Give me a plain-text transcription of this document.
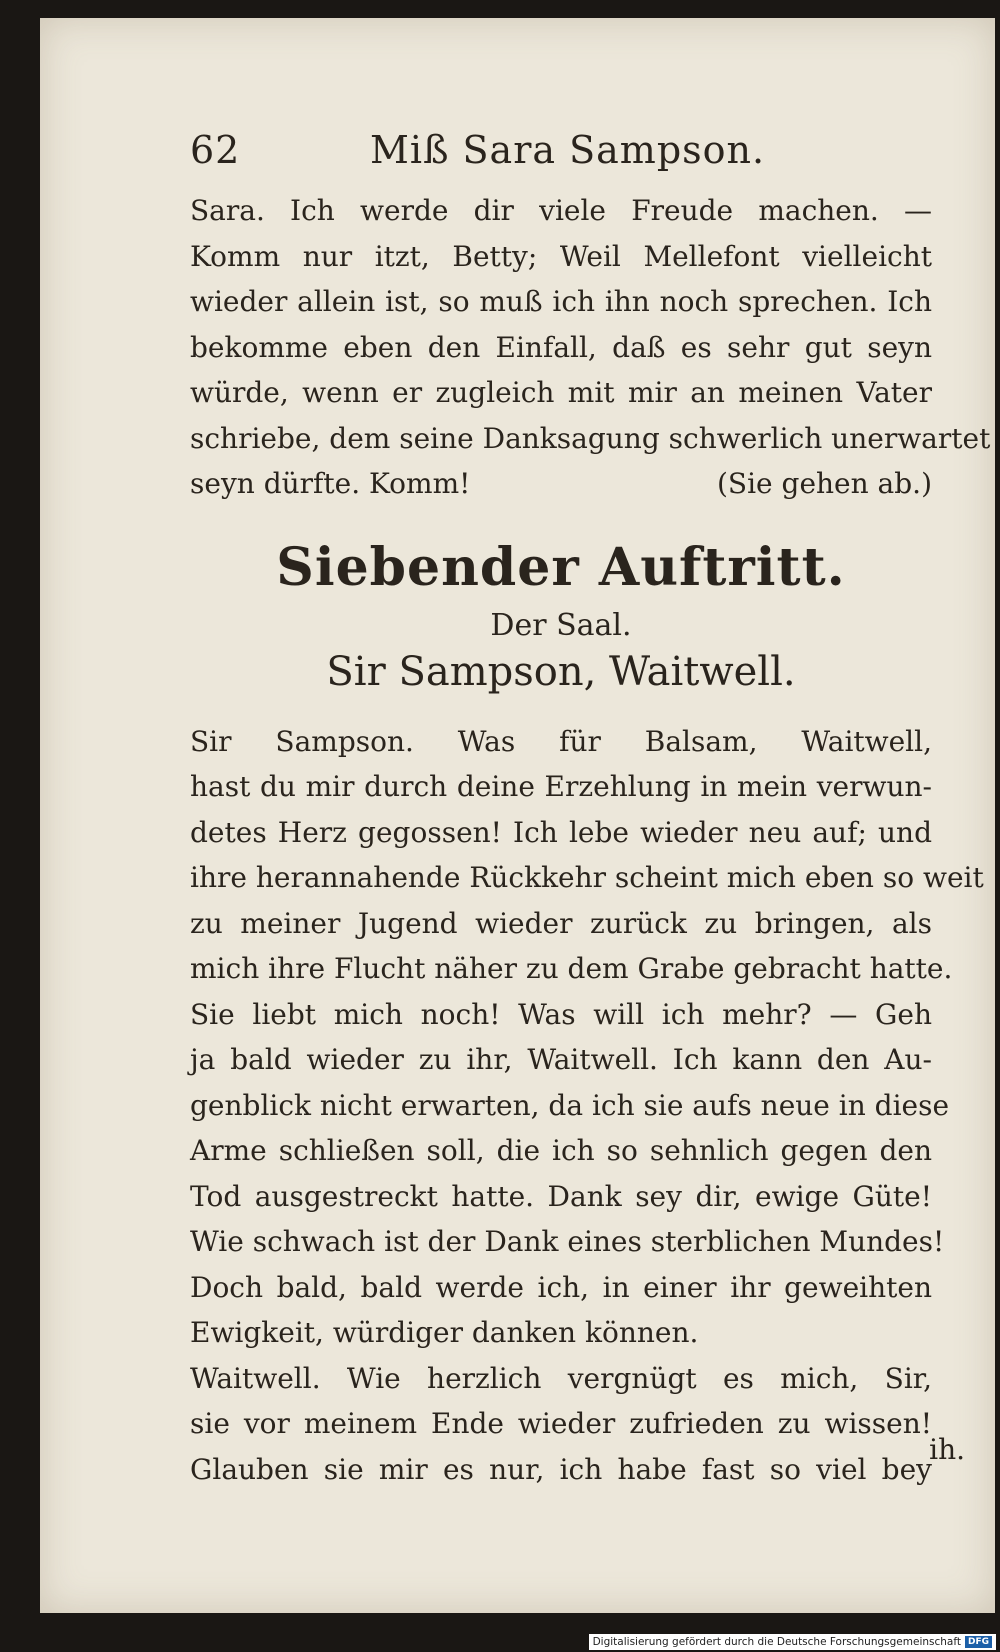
62	Miß Sara Sampson.
Sara. Ich werde dir viele Freude machen. —
Komm nur itzt, Betty; Weil Mellefont vielleicht
wieder allein ist, so muß ich ihn noch sprechen. Ich
bekomme eben den Einfall, daß es sehr gut seyn
würde, wenn er zugleich mit mir an meinen Vater
schriebe, dem seine Danksagung schwerlich unerwartet
seyn dürfte. Komm!	(Sie gehen ab.)
Siebender Auftritt.
Der Saal.
Sir Sampson, Waitwell.
Sir Sampson. Was für Balsam, Waitwell,
hast du mir durch deine Erzehlung in mein verwun-
detes Herz gegossen! Ich lebe wieder neu auf; und
ihre herannahende Rückkehr scheint mich eben so weit
zu meiner Jugend wieder zurück zu bringen, als
mich ihre Flucht näher zu dem Grabe gebracht hatte.
Sie liebt mich noch! Was will ich mehr? — Geh
ja bald wieder zu ihr, Waitwell. Ich kann den Au-
genblick nicht erwarten, da ich sie aufs neue in diese
Arme schließen soll, die ich so sehnlich gegen den
Tod ausgestreckt hatte. Dank sey dir, ewige Güte!
Wie schwach ist der Dank eines sterblichen Mundes!
Doch bald, bald werde ich, in einer ihr geweihten
Ewigkeit, würdiger danken können.
Waitwell. Wie herzlich vergnügt es mich, Sir,
sie vor meinem Ende wieder zufrieden zu wissen!
Glauben sie mir es nur, ich habe fast so viel bey
ih.
Digitalisierung gefördert durch die Deutsche Forschungsgemeinschaft DFG
